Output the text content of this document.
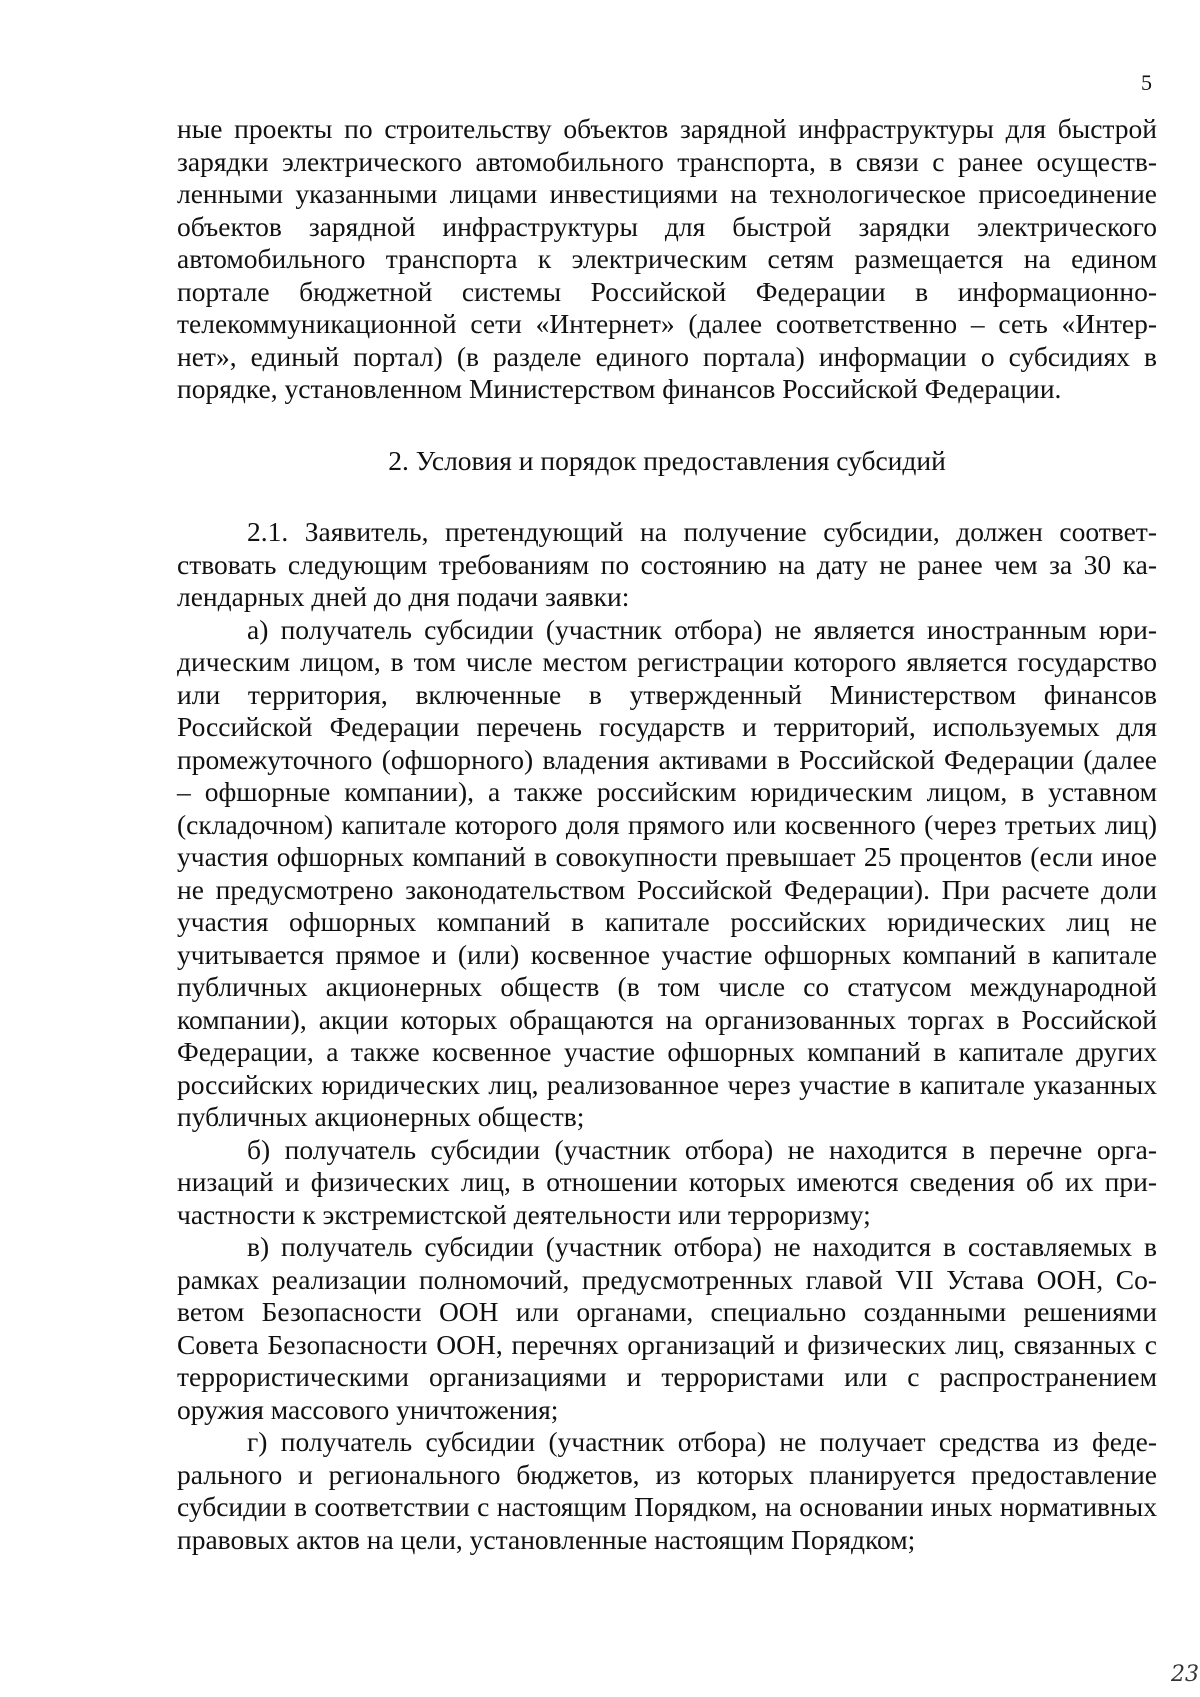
5

ные проекты по строительству объектов зарядной инфраструктуры для быстрой зарядки электрического автомобильного транспорта, в связи с ранее осуществленными указанными лицами инвестициями на технологическое присоединение объектов зарядной инфраструктуры для быстрой зарядки электрического автомобильного транспорта к электрическим сетям размещается на едином портале бюджетной системы Российской Федерации в информационно-телекоммуникационной сети «Интернет» (далее соответственно – сеть «Интернет», единый портал) (в разделе единого портала) информации о субсидиях в порядке, установленном Министерством финансов Российской Федерации.

2. Условия и порядок предоставления субсидий

2.1. Заявитель, претендующий на получение субсидии, должен соответствовать следующим требованиям по состоянию на дату не ранее чем за 30 календарных дней до дня подачи заявки:

а) получатель субсидии (участник отбора) не является иностранным юридическим лицом, в том числе местом регистрации которого является государство или территория, включенные в утвержденный Министерством финансов Российской Федерации перечень государств и территорий, используемых для промежуточного (офшорного) владения активами в Российской Федерации (далее – офшорные компании), а также российским юридическим лицом, в уставном (складочном) капитале которого доля прямого или косвенного (через третьих лиц) участия офшорных компаний в совокупности превышает 25 процентов (если иное не предусмотрено законодательством Российской Федерации). При расчете доли участия офшорных компаний в капитале российских юридических лиц не учитывается прямое и (или) косвенное участие офшорных компаний в капитале публичных акционерных обществ (в том числе со статусом международной компании), акции которых обращаются на организованных торгах в Российской Федерации, а также косвенное участие офшорных компаний в капитале других российских юридических лиц, реализованное через участие в капитале указанных публичных акционерных обществ;

б) получатель субсидии (участник отбора) не находится в перечне организаций и физических лиц, в отношении которых имеются сведения об их причастности к экстремистской деятельности или терроризму;

в) получатель субсидии (участник отбора) не находится в составляемых в рамках реализации полномочий, предусмотренных главой VII Устава ООН, Советом Безопасности ООН или органами, специально созданными решениями Совета Безопасности ООН, перечнях организаций и физических лиц, связанных с террористическими организациями и террористами или с распространением оружия массового уничтожения;

г) получатель субсидии (участник отбора) не получает средства из федерального и регионального бюджетов, из которых планируется предоставление субсидии в соответствии с настоящим Порядком, на основании иных нормативных правовых актов на цели, установленные настоящим Порядком;

23
